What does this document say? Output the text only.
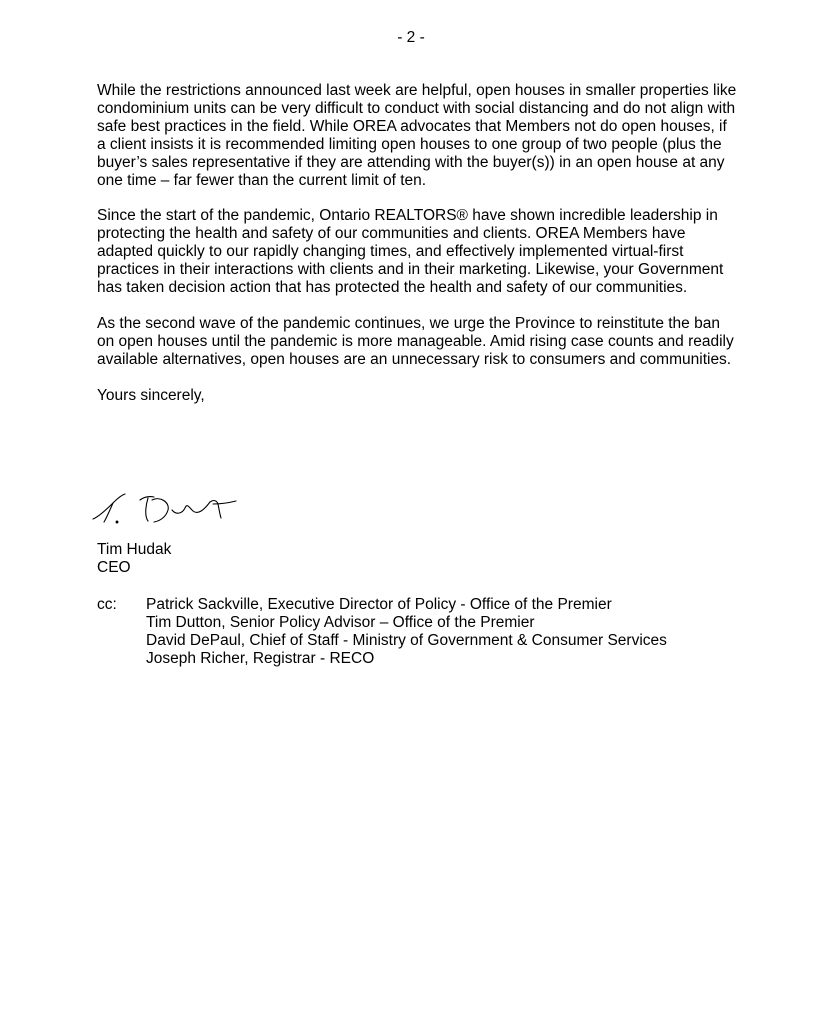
- 2 -

While the restrictions announced last week are helpful, open houses in smaller properties like condominium units can be very difficult to conduct with social distancing and do not align with safe best practices in the field. While OREA advocates that Members not do open houses, if a client insists it is recommended limiting open houses to one group of two people (plus the buyer’s sales representative if they are attending with the buyer(s)) in an open house at any one time – far fewer than the current limit of ten.

Since the start of the pandemic, Ontario REALTORS® have shown incredible leadership in protecting the health and safety of our communities and clients. OREA Members have adapted quickly to our rapidly changing times, and effectively implemented virtual-first practices in their interactions with clients and in their marketing. Likewise, your Government has taken decision action that has protected the health and safety of our communities.

As the second wave of the pandemic continues, we urge the Province to reinstitute the ban on open houses until the pandemic is more manageable. Amid rising case counts and readily available alternatives, open houses are an unnecessary risk to consumers and communities.

Yours sincerely,

Tim Hudak
CEO
cc: Patrick Sackville, Executive Director of Policy - Office of the Premier
Tim Dutton, Senior Policy Advisor – Office of the Premier
David DePaul, Chief of Staff - Ministry of Government & Consumer Services
Joseph Richer, Registrar - RECO
